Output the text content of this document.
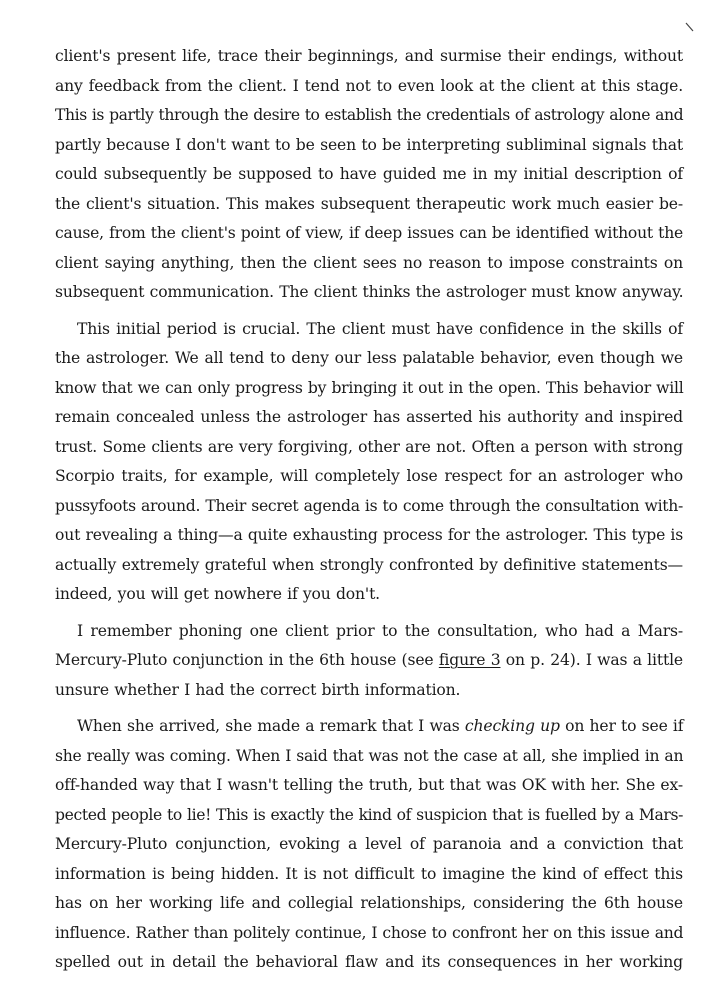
client's present life, trace their beginnings, and surmise their endings, without
any feedback from the client. I tend not to even look at the client at this stage.
This is partly through the desire to establish the credentials of astrology alone and
partly because I don't want to be seen to be interpreting subliminal signals that
could subsequently be supposed to have guided me in my initial description of
the client's situation. This makes subsequent therapeutic work much easier be-
cause, from the client's point of view, if deep issues can be identified without the
client saying anything, then the client sees no reason to impose constraints on
subsequent communication. The client thinks the astrologer must know anyway.

This initial period is crucial. The client must have confidence in the skills of
the astrologer. We all tend to deny our less palatable behavior, even though we
know that we can only progress by bringing it out in the open. This behavior will
remain concealed unless the astrologer has asserted his authority and inspired
trust. Some clients are very forgiving, other are not. Often a person with strong
Scorpio traits, for example, will completely lose respect for an astrologer who
pussyfoots around. Their secret agenda is to come through the consultation with-
out revealing a thing—a quite exhausting process for the astrologer. This type is
actually extremely grateful when strongly confronted by definitive statements—
indeed, you will get nowhere if you don't.

I remember phoning one client prior to the consultation, who had a Mars-
Mercury-Pluto conjunction in the 6th house (see figure 3 on p. 24). I was a little
unsure whether I had the correct birth information.

When she arrived, she made a remark that I was checking up on her to see if
she really was coming. When I said that was not the case at all, she implied in an
off-handed way that I wasn't telling the truth, but that was OK with her. She ex-
pected people to lie! This is exactly the kind of suspicion that is fuelled by a Mars-
Mercury-Pluto conjunction, evoking a level of paranoia and a conviction that
information is being hidden. It is not difficult to imagine the kind of effect this
has on her working life and collegial relationships, considering the 6th house
influence. Rather than politely continue, I chose to confront her on this issue and
spelled out in detail the behavioral flaw and its consequences in her working
